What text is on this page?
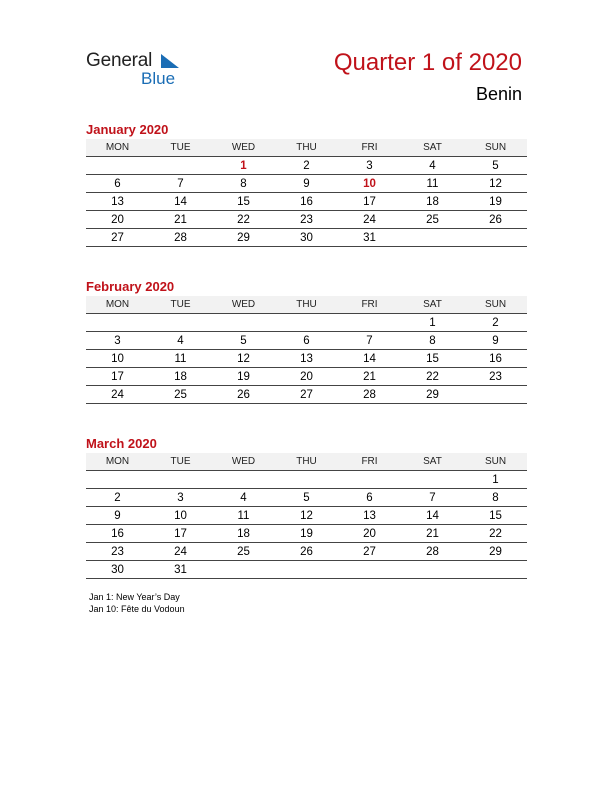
General
Blue
Quarter 1 of 2020
Benin
January 2020
MON	TUE	WED	THU	FRI	SAT	SUN
		1	2	3	4	5
6	7	8	9	10	11	12
13	14	15	16	17	18	19
20	21	22	23	24	25	26
27	28	29	30	31		
February 2020
MON	TUE	WED	THU	FRI	SAT	SUN
					1	2
3	4	5	6	7	8	9
10	11	12	13	14	15	16
17	18	19	20	21	22	23
24	25	26	27	28	29	
March 2020
MON	TUE	WED	THU	FRI	SAT	SUN
						1
2	3	4	5	6	7	8
9	10	11	12	13	14	15
16	17	18	19	20	21	22
23	24	25	26	27	28	29
30	31					
Jan 1: New Year’s Day
Jan 10: Fête du Vodoun
